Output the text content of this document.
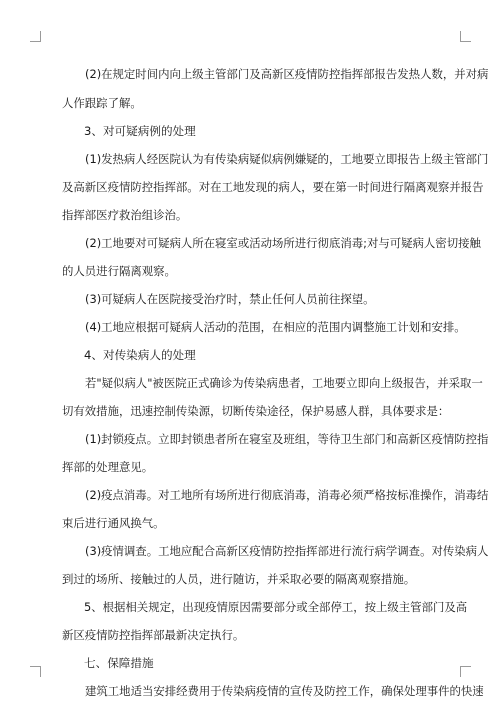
(2)在规定时间内向上级主管部门及高新区疫情防控指挥部报告发热人数，并对病
人作跟踪了解。
3、对可疑病例的处理
(1)发热病人经医院认为有传染病疑似病例嫌疑的，工地要立即报告上级主管部门
及高新区疫情防控指挥部。对在工地发现的病人，要在第一时间进行隔离观察并报告
指挥部医疗救治组诊治。
(2)工地要对可疑病人所在寝室或活动场所进行彻底消毒;对与可疑病人密切接触
的人员进行隔离观察。
(3)可疑病人在医院接受治疗时，禁止任何人员前往探望。
(4)工地应根据可疑病人活动的范围，在相应的范围内调整施工计划和安排。
4、对传染病人的处理
若"疑似病人"被医院正式确诊为传染病患者，工地要立即向上级报告，并采取一
切有效措施，迅速控制传染源，切断传染途径，保护易感人群，具体要求是：
(1)封锁疫点。立即封锁患者所在寝室及班组，等待卫生部门和高新区疫情防控指
挥部的处理意见。
(2)疫点消毒。对工地所有场所进行彻底消毒，消毒必须严格按标准操作，消毒结
束后进行通风换气。
(3)疫情调查。工地应配合高新区疫情防控指挥部进行流行病学调查。对传染病人
到过的场所、接触过的人员，进行随访，并采取必要的隔离观察措施。
5、根据相关规定，出现疫情原因需要部分或全部停工，按上级主管部门及高
新区疫情防控指挥部最新决定执行。
七、保障措施
建筑工地适当安排经费用于传染病疫情的宣传及防控工作，确保处理事件的快速
